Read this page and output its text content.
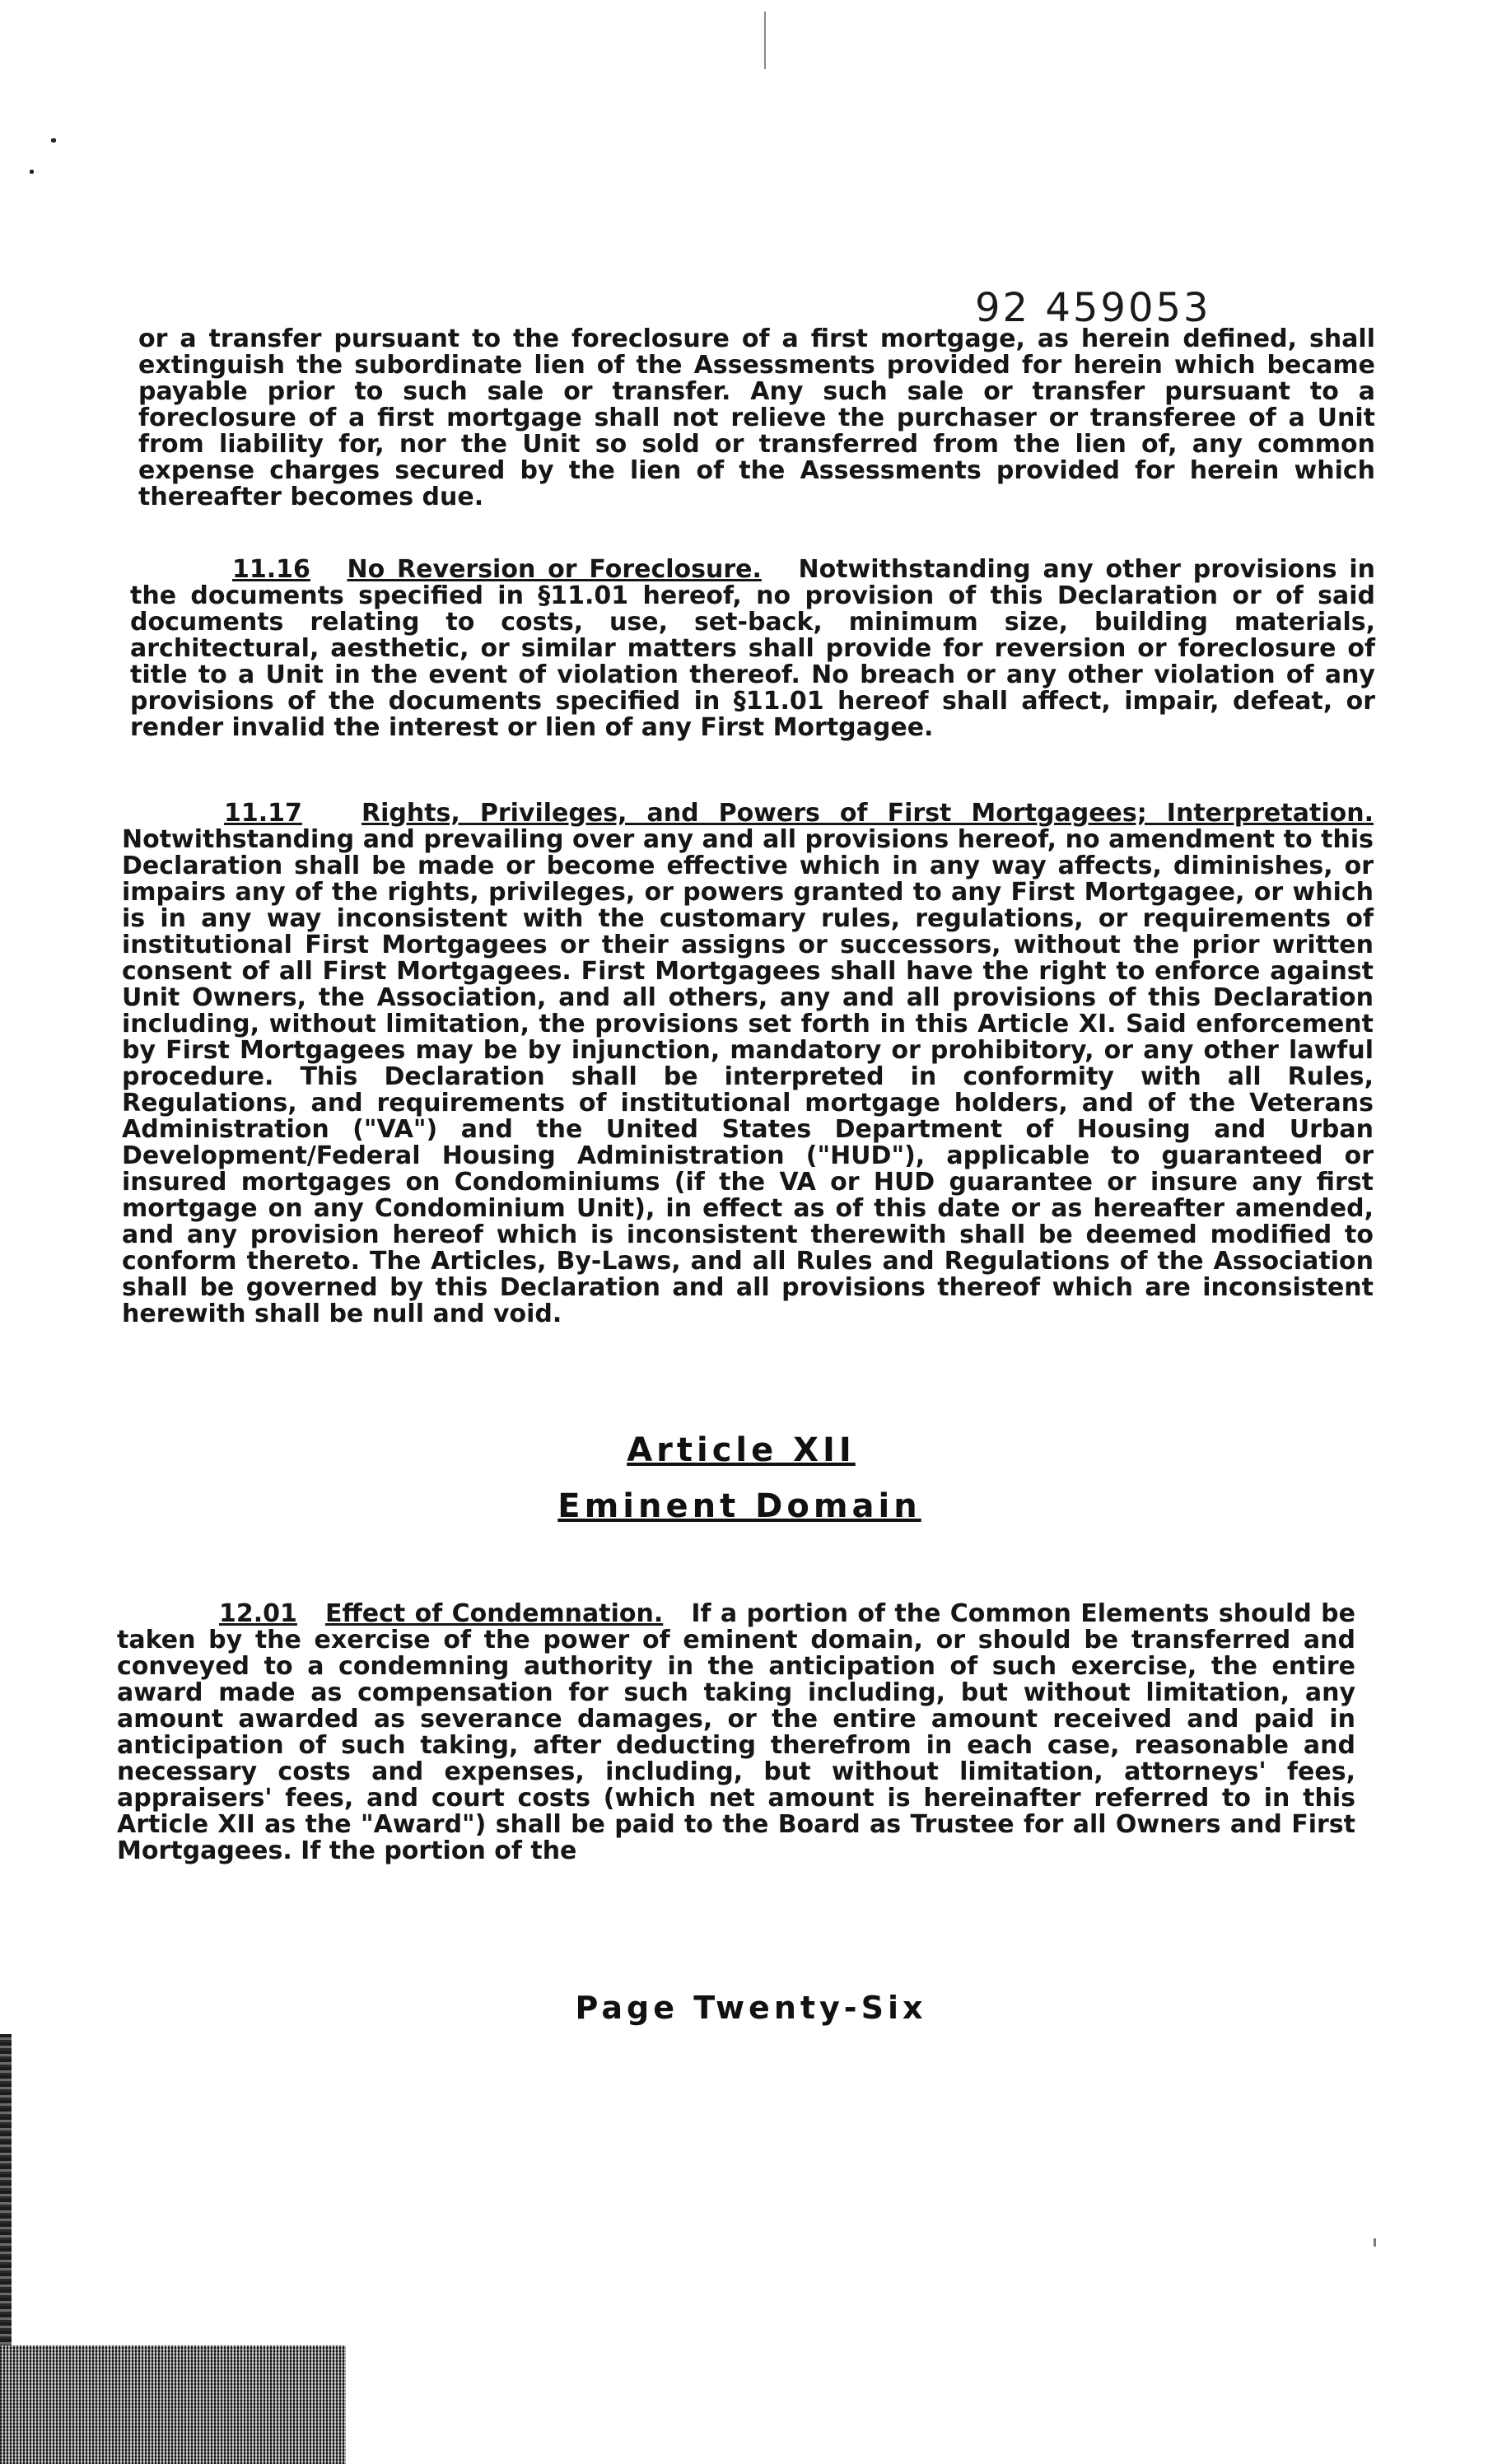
92 459053

or a transfer pursuant to the foreclosure of a first mortgage, as herein defined, shall extinguish the subordinate lien of the Assessments provided for herein which became payable prior to such sale or transfer. Any such sale or transfer pursuant to a foreclosure of a first mortgage shall not relieve the purchaser or transferee of a Unit from liability for, nor the Unit so sold or transferred from the lien of, any common expense charges secured by the lien of the Assessments provided for herein which thereafter becomes due.

11.16 No Reversion or Foreclosure. Notwithstanding any other provisions in the documents specified in §11.01 hereof, no provision of this Declaration or of said documents relating to costs, use, set-back, minimum size, building materials, architectural, aesthetic, or similar matters shall provide for reversion or foreclosure of title to a Unit in the event of violation thereof. No breach or any other violation of any provisions of the documents specified in §11.01 hereof shall affect, impair, defeat, or render invalid the interest or lien of any First Mortgagee.

11.17 Rights, Privileges, and Powers of First Mortgagees; Interpretation. Notwithstanding and prevailing over any and all provisions hereof, no amendment to this Declaration shall be made or become effective which in any way affects, diminishes, or impairs any of the rights, privileges, or powers granted to any First Mortgagee, or which is in any way inconsistent with the customary rules, regulations, or requirements of institutional First Mortgagees or their assigns or successors, without the prior written consent of all First Mortgagees. First Mortgagees shall have the right to enforce against Unit Owners, the Association, and all others, any and all provisions of this Declaration including, without limitation, the provisions set forth in this Article XI. Said enforcement by First Mortgagees may be by injunction, mandatory or prohibitory, or any other lawful procedure. This Declaration shall be interpreted in conformity with all Rules, Regulations, and requirements of institutional mortgage holders, and of the Veterans Administration ("VA") and the United States Department of Housing and Urban Development/Federal Housing Administration ("HUD"), applicable to guaranteed or insured mortgages on Condominiums (if the VA or HUD guarantee or insure any first mortgage on any Condominium Unit), in effect as of this date or as hereafter amended, and any provision hereof which is inconsistent therewith shall be deemed modified to conform thereto. The Articles, By-Laws, and all Rules and Regulations of the Association shall be governed by this Declaration and all provisions thereof which are inconsistent herewith shall be null and void.

Article XII
Eminent Domain

12.01 Effect of Condemnation. If a portion of the Common Elements should be taken by the exercise of the power of eminent domain, or should be transferred and conveyed to a condemning authority in the anticipation of such exercise, the entire award made as compensation for such taking including, but without limitation, any amount awarded as severance damages, or the entire amount received and paid in anticipation of such taking, after deducting therefrom in each case, reasonable and necessary costs and expenses, including, but without limitation, attorneys' fees, appraisers' fees, and court costs (which net amount is hereinafter referred to in this Article XII as the "Award") shall be paid to the Board as Trustee for all Owners and First Mortgagees. If the portion of the

Page Twenty-Six
